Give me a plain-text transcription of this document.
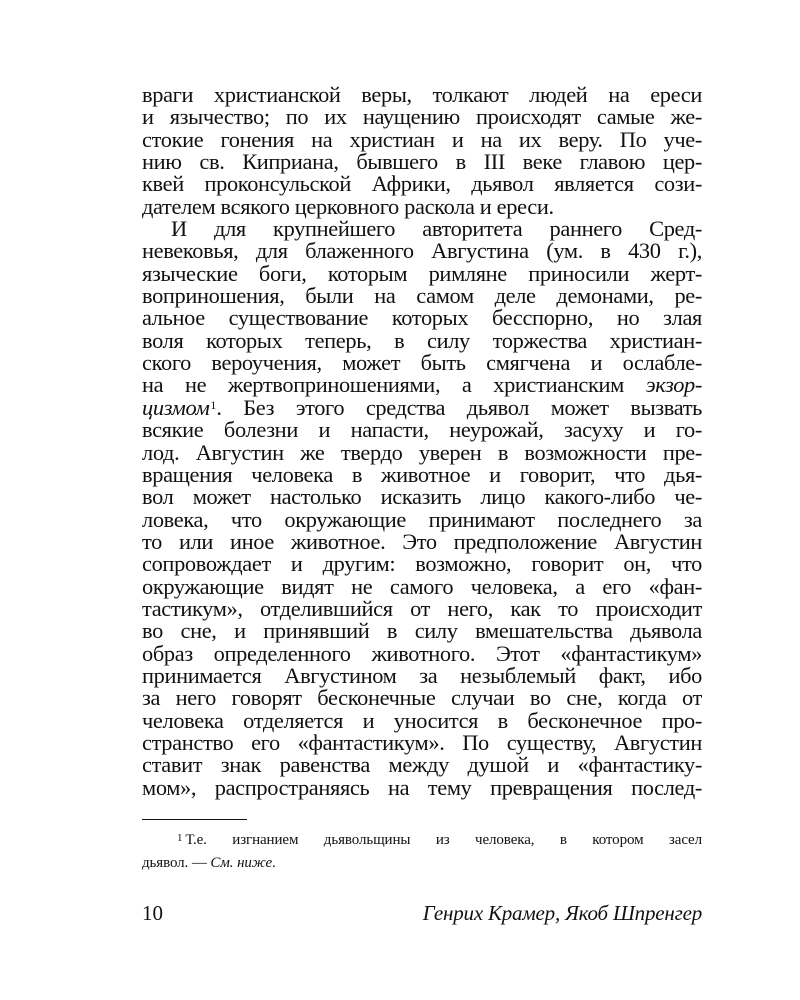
враги христианской веры, толкают людей на ереси
и язычество; по их наущению происходят самые же-
стокие гонения на христиан и на их веру. По уче-
нию св. Киприана, бывшего в III веке главою цер-
квей проконсульской Африки, дьявол является сози-
дателем всякого церковного раскола и ереси.
И для крупнейшего авторитета раннего Сред-
невековья, для блаженного Августина (ум. в 430 г.),
языческие боги, которым римляне приносили жерт-
воприношения, были на самом деле демонами, ре-
альное существование которых бесспорно, но злая
воля которых теперь, в силу торжества христиан-
ского вероучения, может быть смягчена и ослабле-
на не жертвоприношениями, а христианским экзор-
цизмом$^1$. Без этого средства дьявол может вызвать
всякие болезни и напасти, неурожай, засуху и го-
лод. Августин же твердо уверен в возможности пре-
вращения человека в животное и говорит, что дья-
вол может настолько исказить лицо какого-либо че-
ловека, что окружающие принимают последнего за
то или иное животное. Это предположение Августин
сопровождает и другим: возможно, говорит он, что
окружающие видят не самого человека, а его «фан-
тастикум», отделившийся от него, как то происходит
во сне, и принявший в силу вмешательства дьявола
образ определенного животного. Этот «фантастикум»
принимается Августином за незыблемый факт, ибо
за него говорят бесконечные случаи во сне, когда от
человека отделяется и уносится в бесконечное про-
странство его «фантастикум». По существу, Августин
ставит знак равенства между душой и «фантастику-
мом», распространяясь на тему превращения послед-
$^1$ Т.е. изгнанием дьявольщины из человека, в котором засел
дьявол. — См. ниже.
10	Генрих Крамер, Якоб Шпренгер
